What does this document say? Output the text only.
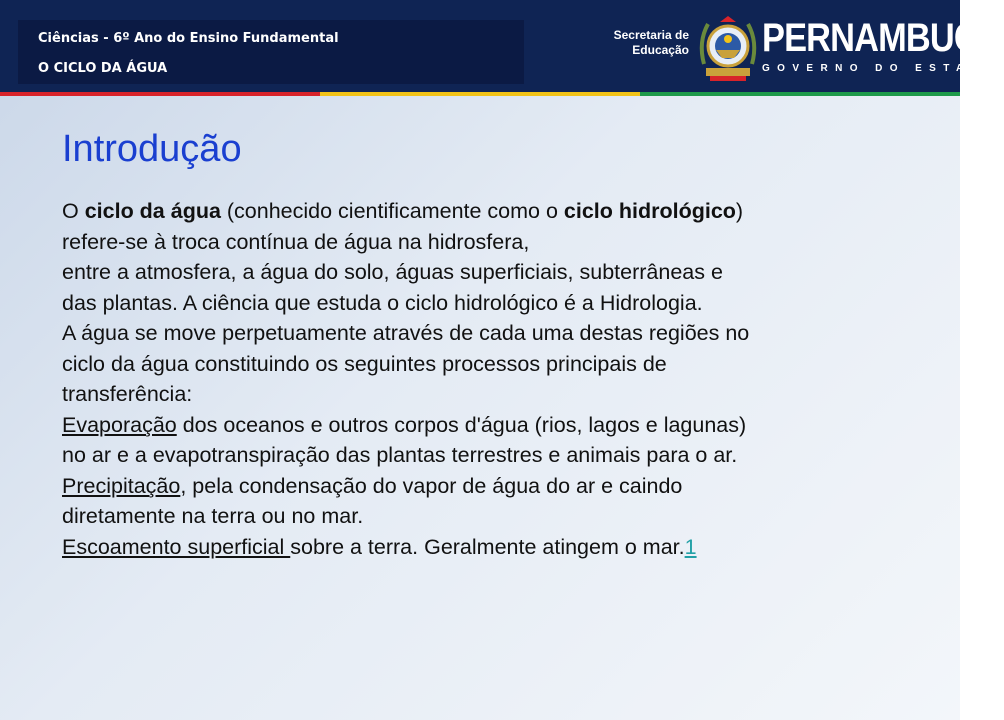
Ciências - 6º Ano do Ensino Fundamental
O CICLO DA ÁGUA
Secretaria de
Educação PERNAMBUCO
GOVERNO DO ESTADO
Introdução
O ciclo da água (conhecido cientificamente como o ciclo hidrológico)
refere-se à troca contínua de água na hidrosfera,
entre a atmosfera, a água do solo, águas superficiais, subterrâneas e
das plantas. A ciência que estuda o ciclo hidrológico é a Hidrologia.
A água se move perpetuamente através de cada uma destas regiões no
ciclo da água constituindo os seguintes processos principais de
transferência:
Evaporação dos oceanos e outros corpos d'água (rios, lagos e lagunas)
no ar e a evapotranspiração das plantas terrestres e animais para o ar.
Precipitação, pela condensação do vapor de água do ar e caindo
diretamente na terra ou no mar.
Escoamento superficial sobre a terra. Geralmente atingem o mar.1
